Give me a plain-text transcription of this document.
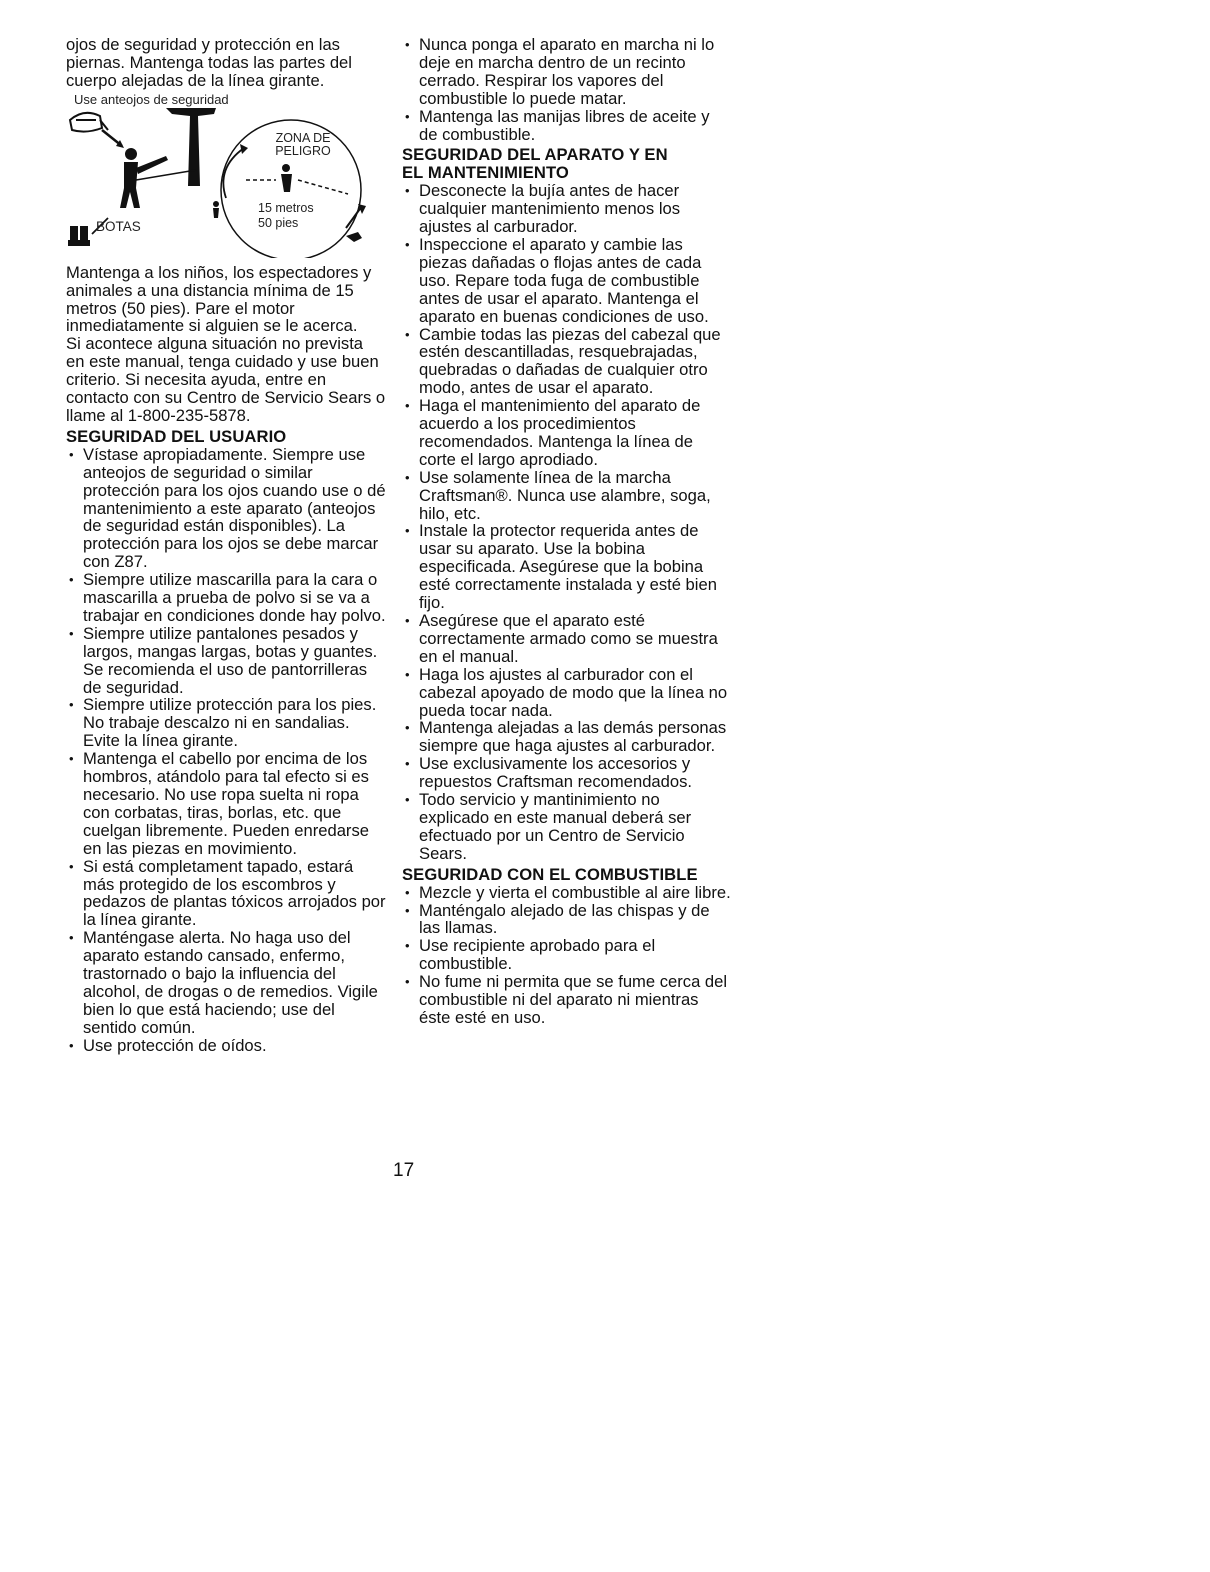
ojos de seguridad y protección en las piernas. Mantenga todas las partes del cuerpo alejadas de la línea girante.

Use anteojos de seguridad
ZONA DE PELIGRO
15 metros
50 pies
BOTAS

Mantenga a los niños, los espectadores y animales a una distancia mínima de 15 metros (50 pies). Pare el motor inmediatamente si alguien se le acerca.

Si acontece alguna situación no prevista en este manual, tenga cuidado y use buen criterio. Si necesita ayuda, entre en contacto con su Centro de Servicio Sears o llame al 1-800-235-5878.

SEGURIDAD DEL USUARIO
• Vístase apropiadamente. Siempre use anteojos de seguridad o similar protección para los ojos cuando use o dé mantenimiento a este aparato (anteojos de seguridad están disponibles). La protección para los ojos se debe marcar con Z87.
• Siempre utilize mascarilla para la cara o mascarilla a prueba de polvo si se va a trabajar en condiciones donde hay polvo.
• Siempre utilize pantalones pesados y largos, mangas largas, botas y guantes. Se recomienda el uso de pantorrilleras de seguridad.
• Siempre utilize protección para los pies. No trabaje descalzo ni en sandalias. Evite la línea girante.
• Mantenga el cabello por encima de los hombros, atándolo para tal efecto si es necesario. No use ropa suelta ni ropa con corbatas, tiras, borlas, etc. que cuelgan libremente. Pueden enredarse en las piezas en movimiento.
• Si está completament tapado, estará más protegido de los escombros y pedazos de plantas tóxicos arrojados por la línea girante.
• Manténgase alerta. No haga uso del aparato estando cansado, enfermo, trastornado o bajo la influencia del alcohol, de drogas o de remedios. Vigile bien lo que está haciendo; use del sentido común.
• Use protección de oídos.
• Nunca ponga el aparato en marcha ni lo deje en marcha dentro de un recinto cerrado. Respirar los vapores del combustible lo puede matar.
• Mantenga las manijas libres de aceite y de combustible.
SEGURIDAD DEL APARATO Y EN
EL MANTENIMIENTO
• Desconecte la bujía antes de hacer cualquier mantenimiento menos los ajustes al carburador.
• Inspeccione el aparato y cambie las piezas dañadas o flojas antes de cada uso. Repare toda fuga de combustible antes de usar el aparato. Mantenga el aparato en buenas condiciones de uso.
• Cambie todas las piezas del cabezal que estén descantilladas, resquebrajadas, quebradas o dañadas de cualquier otro modo, antes de usar el aparato.
• Haga el mantenimiento del aparato de acuerdo a los procedimientos recomendados. Mantenga la línea de corte el largo aprodiado.
• Use solamente línea de la marcha Craftsman®. Nunca use alambre, soga, hilo, etc.
• Instale la protector requerida antes de usar su aparato. Use la bobina especificada. Asegúrese que la bobina esté correctamente instalada y esté bien fijo.
• Asegúrese que el aparato esté correctamente armado como se muestra en el manual.
• Haga los ajustes al carburador con el cabezal apoyado de modo que la línea no pueda tocar nada.
• Mantenga alejadas a las demás personas siempre que haga ajustes al carburador.
• Use exclusivamente los accesorios y repuestos Craftsman recomendados.
• Todo servicio y mantinimiento no explicado en este manual deberá ser efectuado por un Centro de Servicio Sears.
SEGURIDAD CON EL COMBUSTIBLE
• Mezcle y vierta el combustible al aire libre.
• Manténgalo alejado de las chispas y de las llamas.
• Use recipiente aprobado para el combustible.
• No fume ni permita que se fume cerca del combustible ni del aparato ni mientras éste esté en uso.
17
